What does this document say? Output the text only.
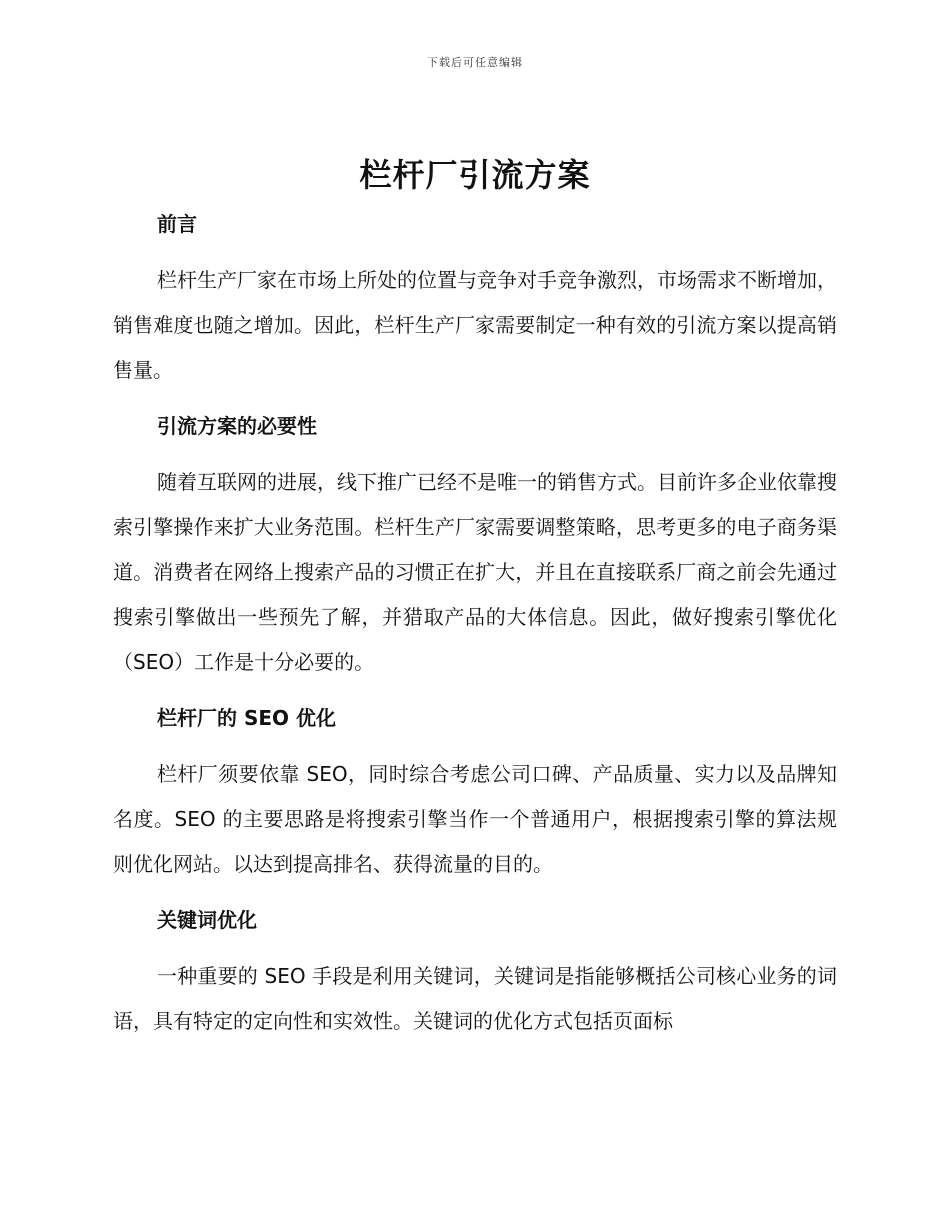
下载后可任意编辑
栏杆厂引流方案
前言

栏杆生产厂家在市场上所处的位置与竞争对手竞争激烈，市场需求不断增加，销售难度也随之增加。因此，栏杆生产厂家需要制定一种有效的引流方案以提高销售量。

引流方案的必要性

随着互联网的进展，线下推广已经不是唯一的销售方式。目前许多企业依靠搜索引擎操作来扩大业务范围。栏杆生产厂家需要调整策略，思考更多的电子商务渠道。消费者在网络上搜索产品的习惯正在扩大，并且在直接联系厂商之前会先通过搜索引擎做出一些预先了解，并猎取产品的大体信息。因此，做好搜索引擎优化（SEO）工作是十分必要的。

栏杆厂的 SEO 优化

栏杆厂须要依靠 SEO，同时综合考虑公司口碑、产品质量、实力以及品牌知名度。SEO 的主要思路是将搜索引擎当作一个普通用户，根据搜索引擎的算法规则优化网站。以达到提高排名、获得流量的目的。

关键词优化

一种重要的 SEO 手段是利用关键词，关键词是指能够概括公司核心业务的词语，具有特定的定向性和实效性。关键词的优化方式包括页面标
